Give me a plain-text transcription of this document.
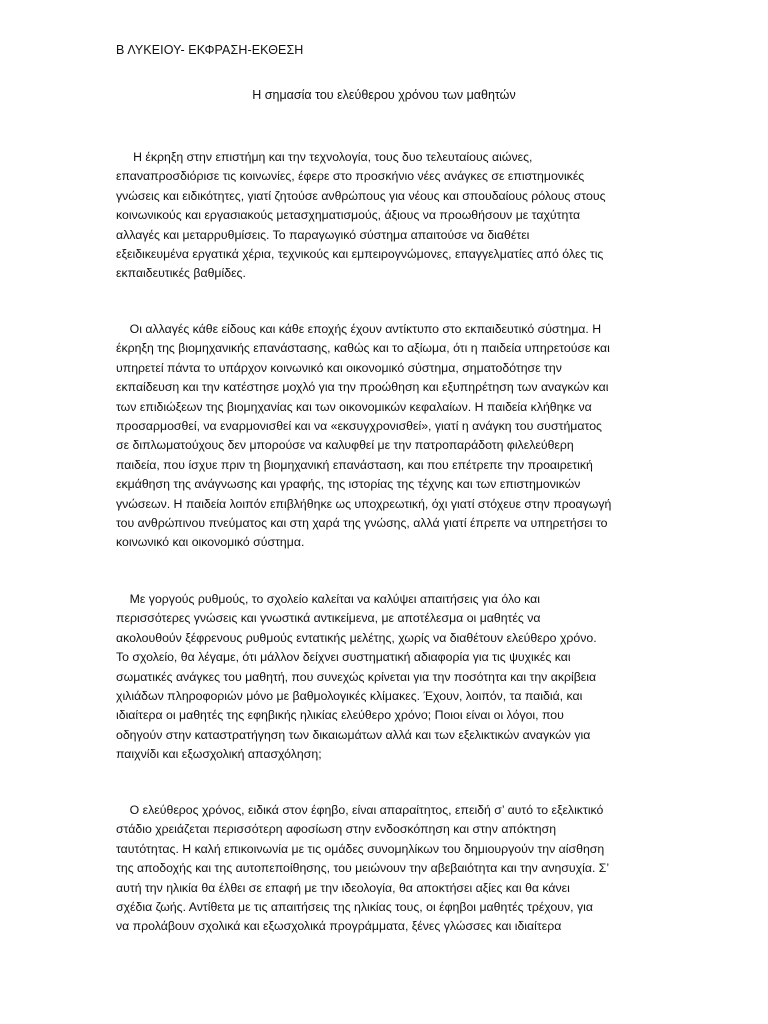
Β ΛΥΚΕΙΟΥ- ΕΚΦΡΑΣΗ-ΕΚΘΕΣΗ
Η σημασία του ελεύθερου χρόνου των μαθητών
Η έκρηξη στην επιστήμη και την τεχνολογία, τους δυο τελευταίους αιώνες,
επαναπροσδιόρισε τις κοινωνίες, έφερε στο προσκήνιο νέες ανάγκες σε επιστημονικές
γνώσεις και ειδικότητες, γιατί ζητούσε ανθρώπους για νέους και σπουδαίους ρόλους στους
κοινωνικούς και εργασιακούς μετασχηματισμούς, άξιους να προωθήσουν με ταχύτητα
αλλαγές και μεταρρυθμίσεις. Το παραγωγικό σύστημα απαιτούσε να διαθέτει
εξειδικευμένα εργατικά χέρια, τεχνικούς και εμπειρογνώμονες, επαγγελματίες από όλες τις
εκπαιδευτικές βαθμίδες.
Οι αλλαγές κάθε είδους και κάθε εποχής έχουν αντίκτυπο στο εκπαιδευτικό σύστημα. Η
έκρηξη της βιομηχανικής επανάστασης, καθώς και το αξίωμα, ότι η παιδεία υπηρετούσε και
υπηρετεί πάντα το υπάρχον κοινωνικό και οικονομικό σύστημα, σηματοδότησε την
εκπαίδευση και την κατέστησε μοχλό για την προώθηση και εξυπηρέτηση των αναγκών και
των επιδιώξεων της βιομηχανίας και των οικονομικών κεφαλαίων. Η παιδεία κλήθηκε να
προσαρμοσθεί, να εναρμονισθεί και να «εκσυγχρονισθεί», γιατί η ανάγκη του συστήματος
σε διπλωματούχους δεν μπορούσε να καλυφθεί με την πατροπαράδοτη φιλελεύθερη
παιδεία, που ίσχυε πριν τη βιομηχανική επανάσταση, και που επέτρεπε την προαιρετική
εκμάθηση της ανάγνωσης και γραφής, της ιστορίας της τέχνης και των επιστημονικών
γνώσεων. Η παιδεία λοιπόν επιβλήθηκε ως υποχρεωτική, όχι γιατί στόχευε στην προαγωγή
του ανθρώπινου πνεύματος και στη χαρά της γνώσης, αλλά γιατί έπρεπε να υπηρετήσει το
κοινωνικό και οικονομικό σύστημα.
Με γοργούς ρυθμούς, το σχολείο καλείται να καλύψει απαιτήσεις για όλο και
περισσότερες γνώσεις και γνωστικά αντικείμενα, με αποτέλεσμα οι μαθητές να
ακολουθούν ξέφρενους ρυθμούς εντατικής μελέτης, χωρίς να διαθέτουν ελεύθερο χρόνο.
Το σχολείο, θα λέγαμε, ότι μάλλον δείχνει συστηματική αδιαφορία για τις ψυχικές και
σωματικές ανάγκες του μαθητή, που συνεχώς κρίνεται για την ποσότητα και την ακρίβεια
χιλιάδων πληροφοριών μόνο με βαθμολογικές κλίμακες. Έχουν, λοιπόν, τα παιδιά, και
ιδιαίτερα οι μαθητές της εφηβικής ηλικίας ελεύθερο χρόνο; Ποιοι είναι οι λόγοι, που
οδηγούν στην καταστρατήγηση των δικαιωμάτων αλλά και των εξελικτικών αναγκών για
παιχνίδι και εξωσχολική απασχόληση;
Ο ελεύθερος χρόνος, ειδικά στον έφηβο, είναι απαραίτητος, επειδή σ’ αυτό το εξελικτικό
στάδιο χρειάζεται περισσότερη αφοσίωση στην ενδοσκόπηση και στην απόκτηση
ταυτότητας. Η καλή επικοινωνία με τις ομάδες συνομηλίκων του δημιουργούν την αίσθηση
της αποδοχής και της αυτοπεποίθησης, του μειώνουν την αβεβαιότητα και την ανησυχία. Σ’
αυτή την ηλικία θα έλθει σε επαφή με την ιδεολογία, θα αποκτήσει αξίες και θα κάνει
σχέδια ζωής. Αντίθετα με τις απαιτήσεις της ηλικίας τους, οι έφηβοι μαθητές τρέχουν, για
να προλάβουν σχολικά και εξωσχολικά προγράμματα, ξένες γλώσσες και ιδιαίτερα
